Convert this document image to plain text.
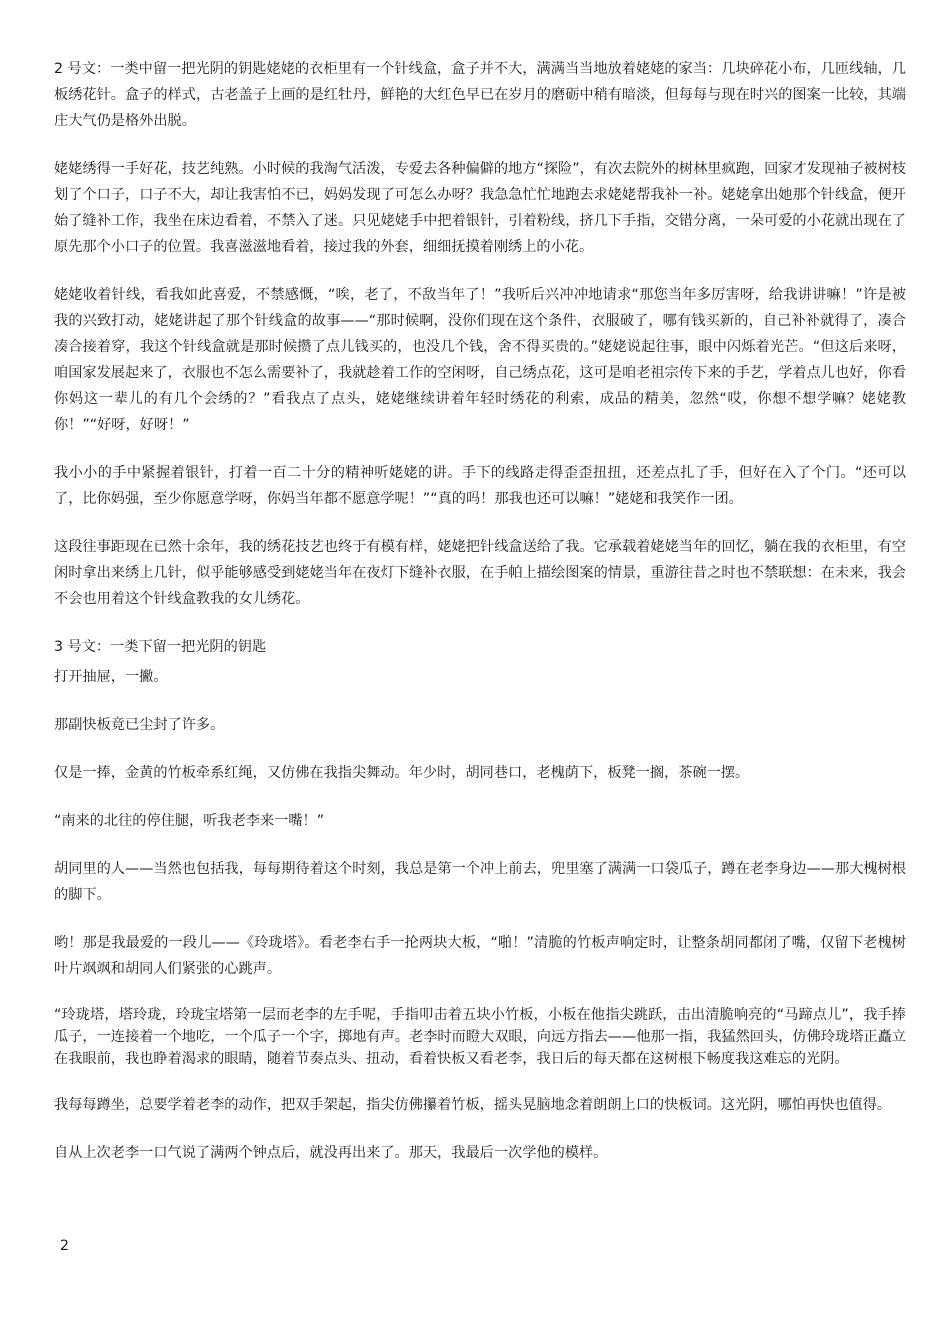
2 号文：一类中留一把光阴的钥匙姥姥的衣柜里有一个针线盒，盒子并不大，满满当当地放着姥姥的家当：几块碎花小布，几匝线轴，几板绣花针。盒子的样式，古老盖子上画的是红牡丹，鲜艳的大红色早已在岁月的磨砺中稍有暗淡，但每每与现在时兴的图案一比较，其端庄大气仍是格外出脱。

姥姥绣得一手好花，技艺纯熟。小时候的我淘气活泼，专爱去各种偏僻的地方“探险”，有次去院外的树林里疯跑，回家才发现袖子被树枝划了个口子，口子不大，却让我害怕不已，妈妈发现了可怎么办呀？我急急忙忙地跑去求姥姥帮我补一补。姥姥拿出她那个针线盒，便开始了缝补工作，我坐在床边看着，不禁入了迷。只见姥姥手中把着银针，引着粉线，挤几下手指，交错分离，一朵可爱的小花就出现在了原先那个小口子的位置。我喜滋滋地看着，接过我的外套，细细抚摸着刚绣上的小花。

姥姥收着针线，看我如此喜爱，不禁感慨，“唉，老了，不敌当年了！”我听后兴冲冲地请求“那您当年多厉害呀，给我讲讲嘛！”许是被我的兴致打动，姥姥讲起了那个针线盒的故事——“那时候啊，没你们现在这个条件，衣服破了，哪有钱买新的，自己补补就得了，凑合凑合接着穿，我这个针线盒就是那时候攒了点儿钱买的，也没几个钱，舍不得买贵的。”姥姥说起往事，眼中闪烁着光芒。“但这后来呀，咱国家发展起来了，衣服也不怎么需要补了，我就趁着工作的空闲呀，自己绣点花，这可是咱老祖宗传下来的手艺，学着点儿也好，你看你妈这一辈儿的有几个会绣的？”看我点了点头，姥姥继续讲着年轻时绣花的利索，成品的精美，忽然“哎，你想不想学嘛？姥姥教你！”“好呀，好呀！”

我小小的手中紧握着银针，打着一百二十分的精神听姥姥的讲。手下的线路走得歪歪扭扭，还差点扎了手，但好在入了个门。“还可以了，比你妈强，至少你愿意学呀，你妈当年都不愿意学呢！”“真的吗！那我也还可以嘛！”姥姥和我笑作一团。

这段往事距现在已然十余年，我的绣花技艺也终于有模有样，姥姥把针线盒送给了我。它承载着姥姥当年的回忆，躺在我的衣柜里，有空闲时拿出来绣上几针，似乎能够感受到姥姥当年在夜灯下缝补衣服，在手帕上描绘图案的情景，重游往昔之时也不禁联想：在未来，我会不会也用着这个针线盒教我的女儿绣花。

3 号文：一类下留一把光阴的钥匙

打开抽屉，一撇。

那副快板竟已尘封了许多。

仅是一捧，金黄的竹板牵系红绳，又仿佛在我指尖舞动。年少时，胡同巷口，老槐荫下，板凳一搁，茶碗一摆。

“南来的北往的停住腿，听我老李来一嘴！”

胡同里的人——当然也包括我，每每期待着这个时刻，我总是第一个冲上前去，兜里塞了满满一口袋瓜子，蹲在老李身边——那大槐树根的脚下。

哟！那是我最爱的一段儿——《玲珑塔》。看老李右手一抡两块大板，“啪！”清脆的竹板声响定时，让整条胡同都闭了嘴，仅留下老槐树叶片飒飒和胡同人们紧张的心跳声。

“玲珑塔，塔玲珑，玲珑宝塔第一层而老李的左手呢，手指叩击着五块小竹板，小板在他指尖跳跃，击出清脆响亮的“马蹄点儿”，我手捧瓜子，一连接着一个地吃，一个瓜子一个字，掷地有声。老李时而瞪大双眼，向远方指去——他那一指，我猛然回头，仿佛玲珑塔正矗立在我眼前，我也睁着渴求的眼睛，随着节奏点头、扭动，看着快板又看老李，我日后的每天都在这树根下畅度我这难忘的光阴。

我每每蹲坐，总要学着老李的动作，把双手架起，指尖仿佛攥着竹板，摇头晃脑地念着朗朗上口的快板词。这光阴，哪怕再快也值得。

自从上次老李一口气说了满两个钟点后，就没再出来了。那天，我最后一次学他的模样。

2
